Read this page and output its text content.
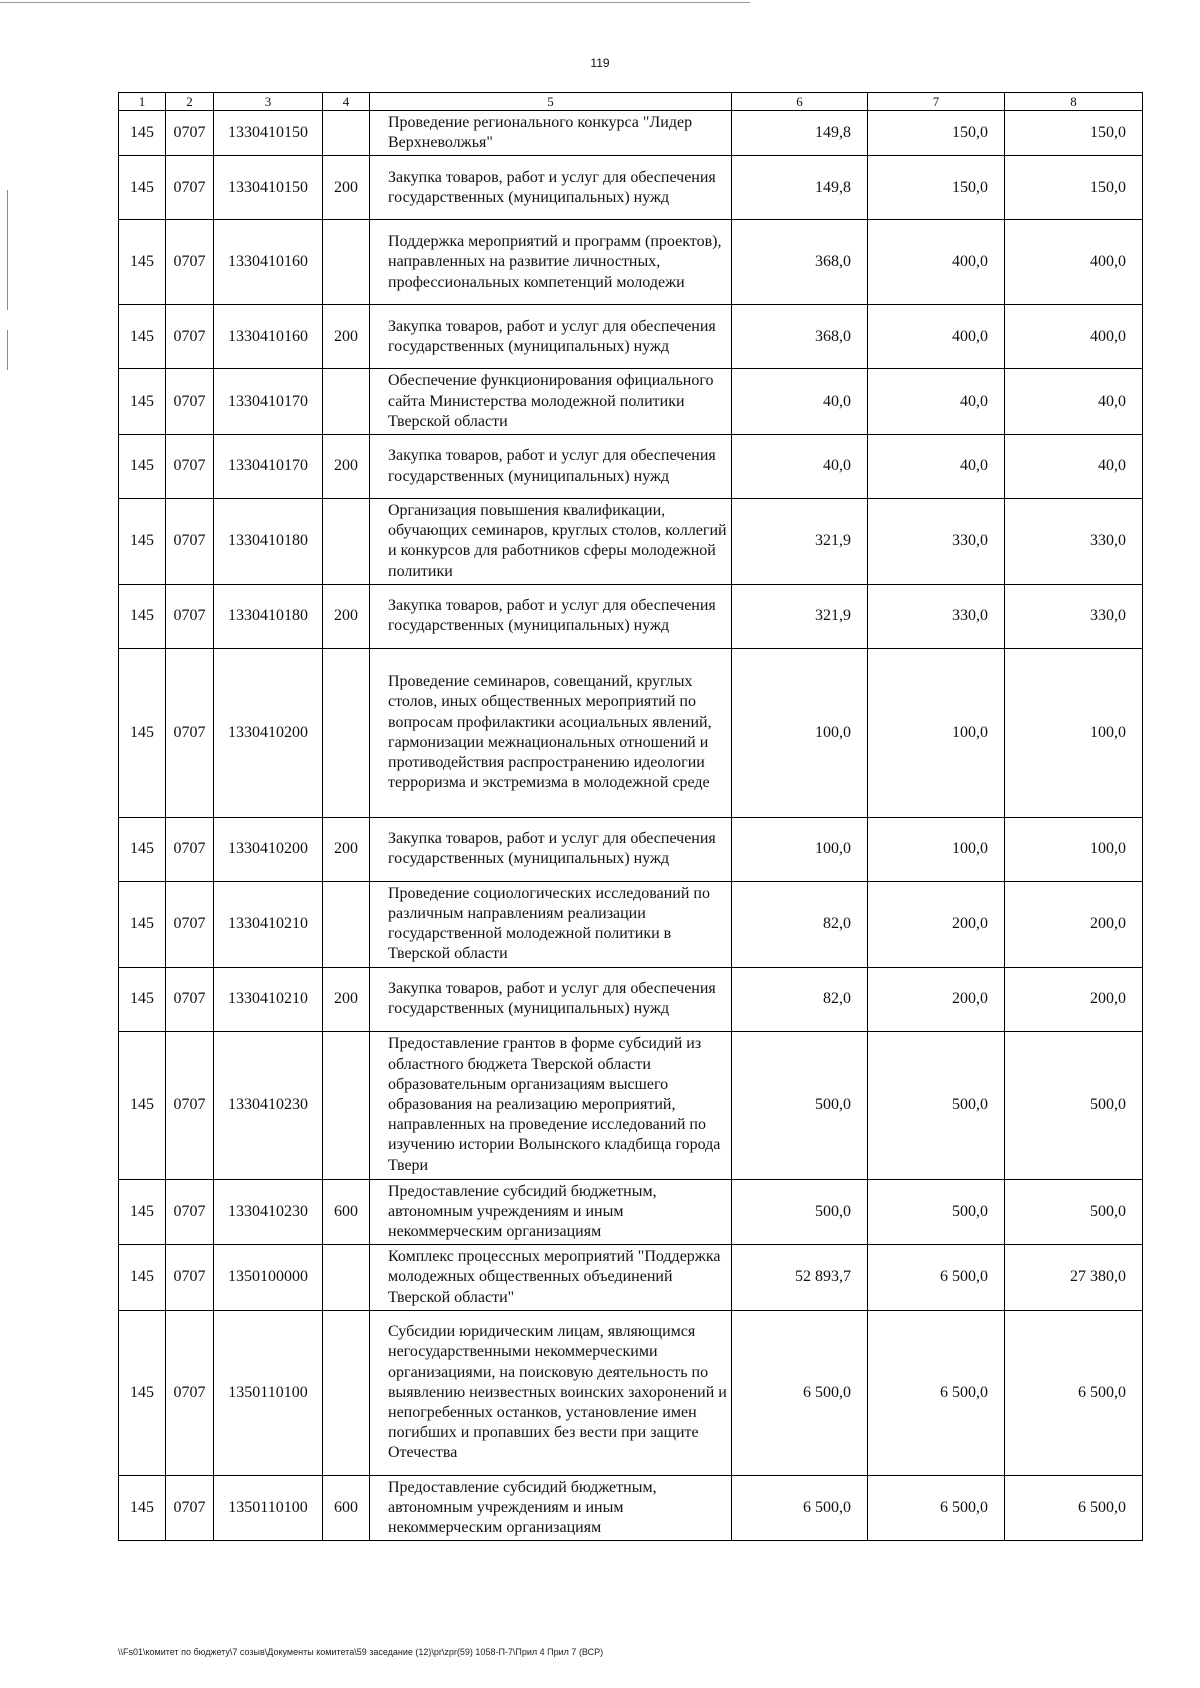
119
1	2	3	4	5	6	7	8
145	0707	1330410150		Проведение регионального конкурса "Лидер Верхневолжья"	149,8	150,0	150,0
145	0707	1330410150	200	Закупка товаров, работ и услуг для обеспечения государственных (муниципальных) нужд	149,8	150,0	150,0
145	0707	1330410160		Поддержка мероприятий и программ (проектов), направленных на развитие личностных, профессиональных компетенций молодежи	368,0	400,0	400,0
145	0707	1330410160	200	Закупка товаров, работ и услуг для обеспечения государственных (муниципальных) нужд	368,0	400,0	400,0
145	0707	1330410170		Обеспечение функционирования официального сайта Министерства молодежной политики Тверской области	40,0	40,0	40,0
145	0707	1330410170	200	Закупка товаров, работ и услуг для обеспечения государственных (муниципальных) нужд	40,0	40,0	40,0
145	0707	1330410180		Организация повышения квалификации, обучающих семинаров, круглых столов, коллегий и конкурсов для работников сферы молодежной политики	321,9	330,0	330,0
145	0707	1330410180	200	Закупка товаров, работ и услуг для обеспечения государственных (муниципальных) нужд	321,9	330,0	330,0
145	0707	1330410200		Проведение семинаров, совещаний, круглых столов, иных общественных мероприятий по вопросам профилактики асоциальных явлений, гармонизации межнациональных отношений и противодействия распространению идеологии терроризма и экстремизма в молодежной среде	100,0	100,0	100,0
145	0707	1330410200	200	Закупка товаров, работ и услуг для обеспечения государственных (муниципальных) нужд	100,0	100,0	100,0
145	0707	1330410210		Проведение социологических исследований по различным направлениям реализации государственной молодежной политики в Тверской области	82,0	200,0	200,0
145	0707	1330410210	200	Закупка товаров, работ и услуг для обеспечения государственных (муниципальных) нужд	82,0	200,0	200,0
145	0707	1330410230		Предоставление грантов в форме субсидий из областного бюджета Тверской области образовательным организациям высшего образования на реализацию мероприятий, направленных на проведение исследований по изучению истории Волынского кладбища города Твери	500,0	500,0	500,0
145	0707	1330410230	600	Предоставление субсидий бюджетным, автономным учреждениям и иным некоммерческим организациям	500,0	500,0	500,0
145	0707	1350100000		Комплекс процессных мероприятий "Поддержка молодежных общественных объединений Тверской области"	52 893,7	6 500,0	27 380,0
145	0707	1350110100		Субсидии юридическим лицам, являющимся негосударственными некоммерческими организациями, на поисковую деятельность по выявлению неизвестных воинских захоронений и непогребенных останков, установление имен погибших и пропавших без вести при защите Отечества	6 500,0	6 500,0	6 500,0
145	0707	1350110100	600	Предоставление субсидий бюджетным, автономным учреждениям и иным некоммерческим организациям	6 500,0	6 500,0	6 500,0
\\Fs01\комитет по бюджету\7 созыв\Документы комитета\59 заседание (12)\pr\zpr(59) 1058-П-7\Прил 4 Прил 7 (ВСР)
